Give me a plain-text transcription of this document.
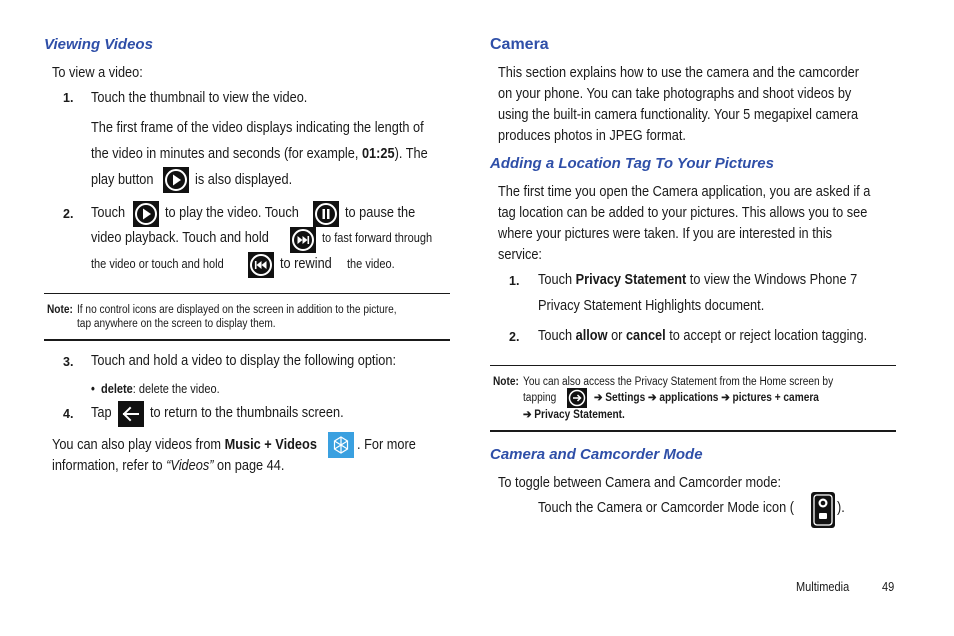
Viewing Videos
To view a video:
1. Touch the thumbnail to view the video.
The first frame of the video displays indicating the length of
the video in minutes and seconds (for example, 01:25). The
play button	is also displayed.
2. Touch	to play the video. Touch	to pause the
video playback. Touch and hold	to fast forward through
the video or touch and hold	to rewind	the video.
Note: If no control icons are displayed on the screen in addition to the picture,
tap anywhere on the screen to display them.
3. Touch and hold a video to display the following option:
• delete: delete the video.
4. Tap	to return to the thumbnails screen.
You can also play videos from Music + Videos	. For more
information, refer to “Videos” on page 44.
Camera
This section explains how to use the camera and the camcorder
on your phone. You can take photographs and shoot videos by
using the built-in camera functionality. Your 5 megapixel camera
produces photos in JPEG format.
Adding a Location Tag To Your Pictures
The first time you open the Camera application, you are asked if a
tag location can be added to your pictures. This allows you to see
where your pictures were taken. If you are interested in this
service:
1. Touch Privacy Statement to view the Windows Phone 7
Privacy Statement Highlights document.
2. Touch allow or cancel to accept or reject location tagging.
Note: You can also access the Privacy Statement from the Home screen by
tapping	➔ Settings ➔ applications ➔ pictures + camera
➔ Privacy Statement.
Camera and Camcorder Mode
To toggle between Camera and Camcorder mode:
Touch the Camera or Camcorder Mode icon (	).
Multimedia	49
